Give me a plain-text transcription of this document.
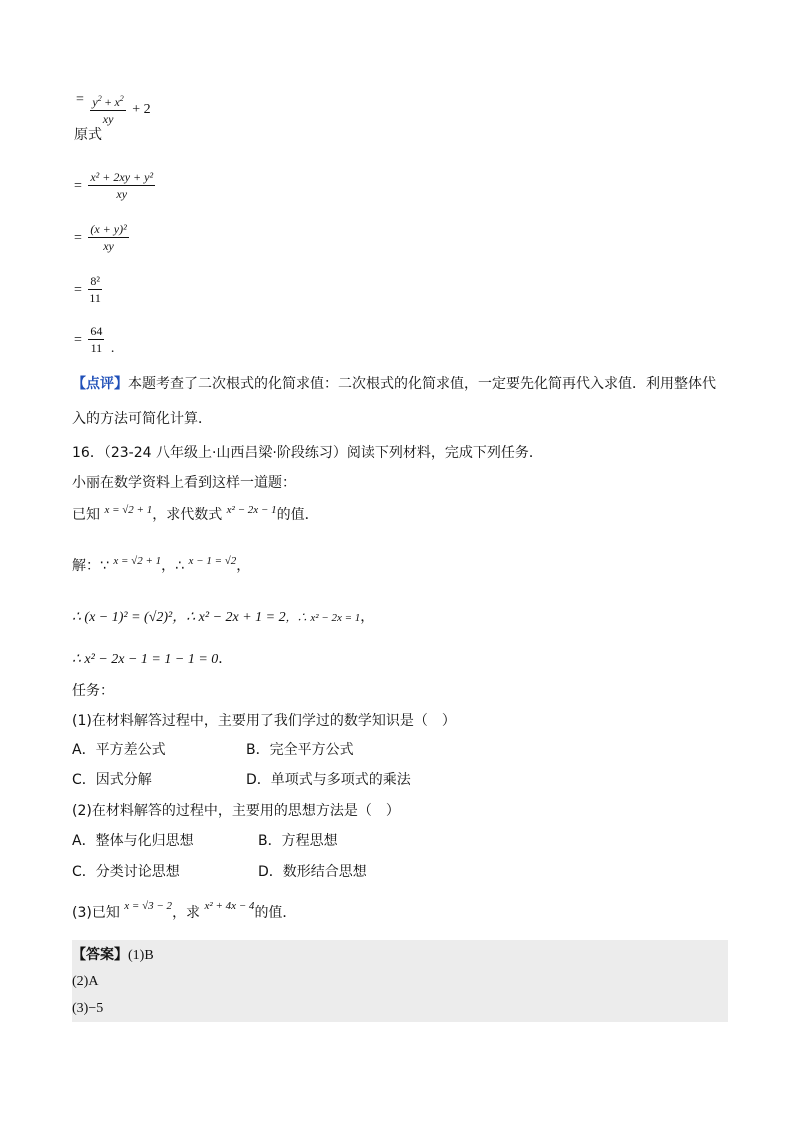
= $\frac{y^2 + x^2}{xy} + 2$
原式
= $\frac{\text{x² + 2xy + y²}}{xy}$
= $\frac{\text{(x + y)²}}{xy}$
= $\frac{\text{8²}}{11}$
= $\frac{64}{11}$ .
【点评】本题考查了二次根式的化简求值：二次根式的化简求值，一定要先化简再代入求值．利用整体代
入的方法可简化计算．
16．（23-24 八年级上·山西吕梁·阶段练习）阅读下列材料，完成下列任务．
小丽在数学资料上看到这样一道题：
已知 $^{x = √2 + 1}$，求代数式 $^{x^2 - 2x - 1}$的值．
解：∵ $^{x = √2 + 1}$，∴ $^{x - 1 = √2}$，
∴ (x − 1)² = (√2)²，∴ x² − 2x + 1 = 2，∴ x² − 2x = 1，
∴ x² − 2x − 1 = 1 − 1 = 0．
任务：
(1)在材料解答过程中，主要用了我们学过的数学知识是（　）
A．平方差公式	B．完全平方公式
C．因式分解	D．单项式与多项式的乘法
(2)在材料解答的过程中，主要用的思想方法是（　）
A．整体与化归思想	B．方程思想
C．分类讨论思想	D．数形结合思想
(3)已知 $^{x = √3 - 2}$，求 $^{x^2 + 4x - 4}$的值．
【答案】(1)B
(2)A
(3)−5
